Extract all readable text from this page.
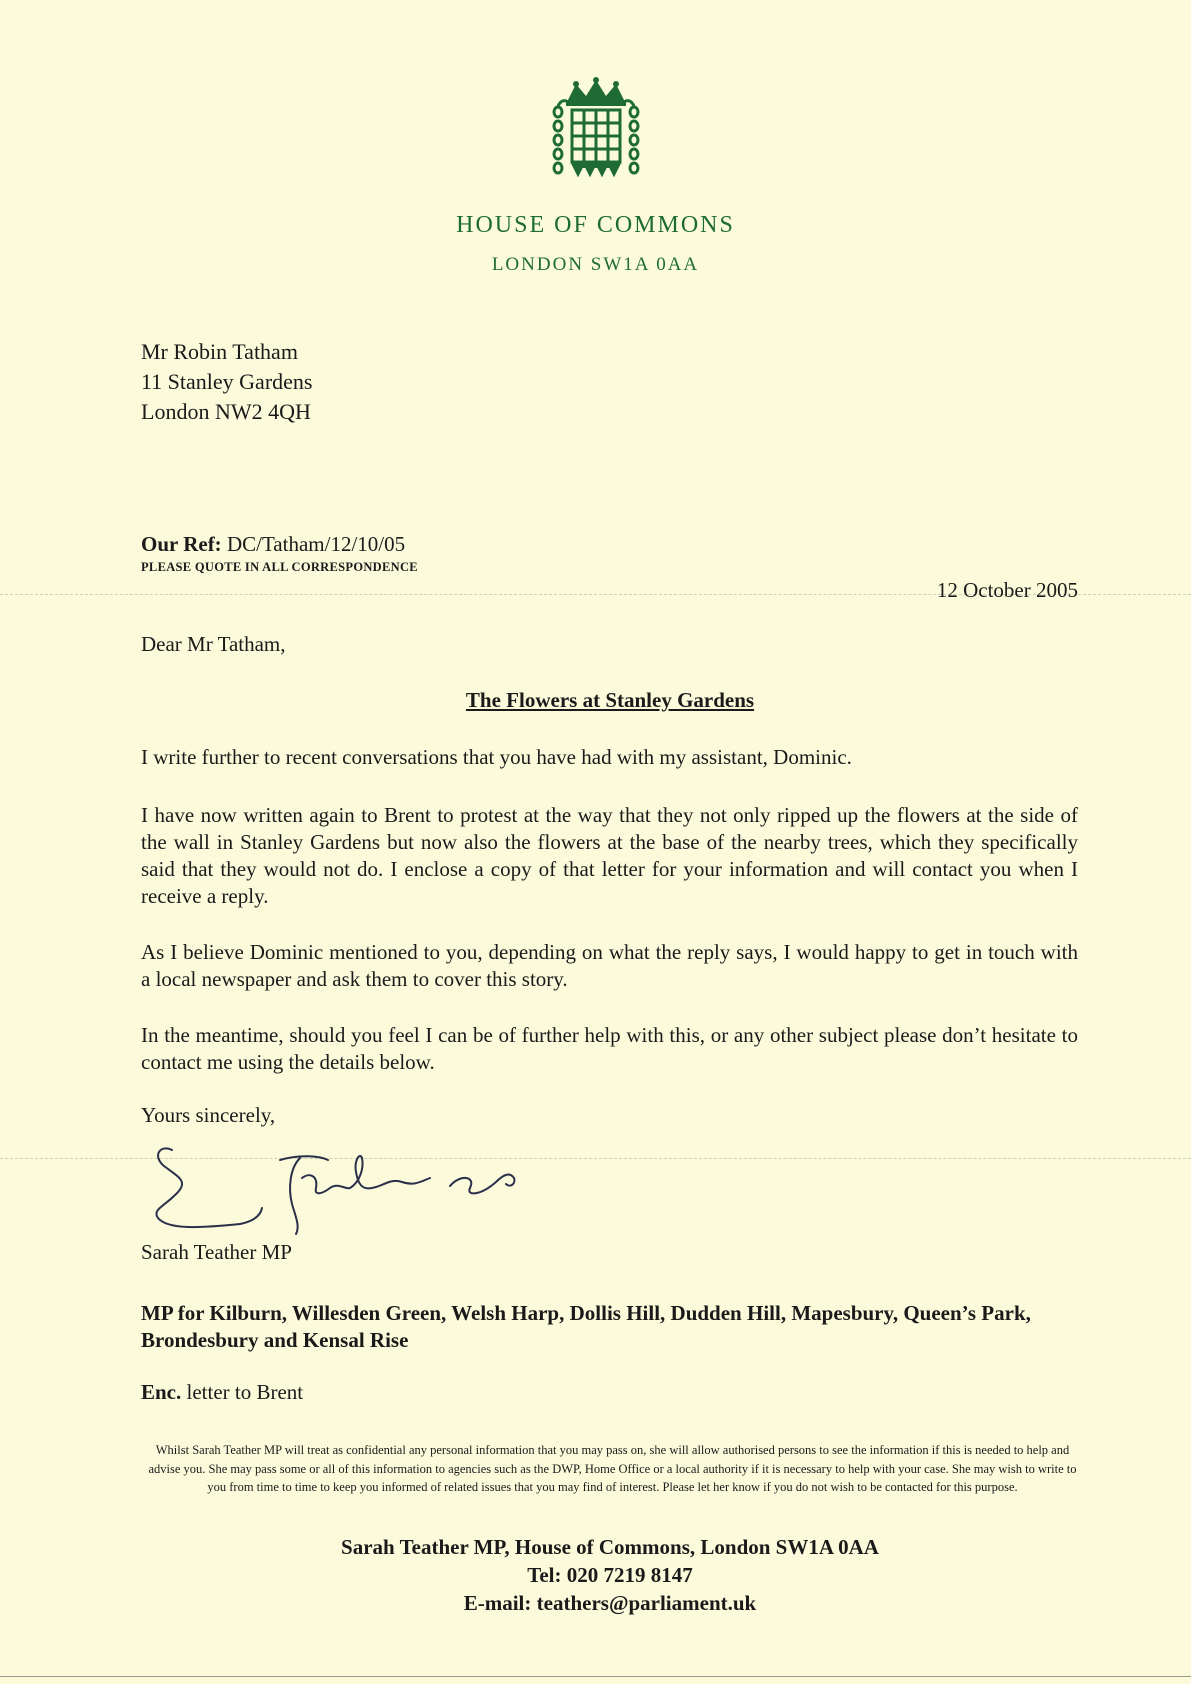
HOUSE OF COMMONS
LONDON SW1A 0AA
Mr Robin Tatham
11 Stanley Gardens
London NW2 4QH
Our Ref: DC/Tatham/12/10/05
PLEASE QUOTE IN ALL CORRESPONDENCE
12 October 2005
Dear Mr Tatham,
The Flowers at Stanley Gardens
I write further to recent conversations that you have had with my assistant, Dominic.
I have now written again to Brent to protest at the way that they not only ripped up the flowers at the side of the wall in Stanley Gardens but now also the flowers at the base of the nearby trees, which they specifically said that they would not do. I enclose a copy of that letter for your information and will contact you when I receive a reply.
As I believe Dominic mentioned to you, depending on what the reply says, I would happy to get in touch with a local newspaper and ask them to cover this story.
In the meantime, should you feel I can be of further help with this, or any other subject please don’t hesitate to contact me using the details below.
Yours sincerely,
Sarah Teather MP
MP for Kilburn, Willesden Green, Welsh Harp, Dollis Hill, Dudden Hill, Mapesbury, Queen’s Park, Brondesbury and Kensal Rise
Enc. letter to Brent
Whilst Sarah Teather MP will treat as confidential any personal information that you may pass on, she will allow authorised persons to see the information if this is needed to help and advise you. She may pass some or all of this information to agencies such as the DWP, Home Office or a local authority if it is necessary to help with your case. She may wish to write to you from time to time to keep you informed of related issues that you may find of interest. Please let her know if you do not wish to be contacted for this purpose.
Sarah Teather MP, House of Commons, London SW1A 0AA
Tel: 020 7219 8147
E-mail: teathers@parliament.uk
